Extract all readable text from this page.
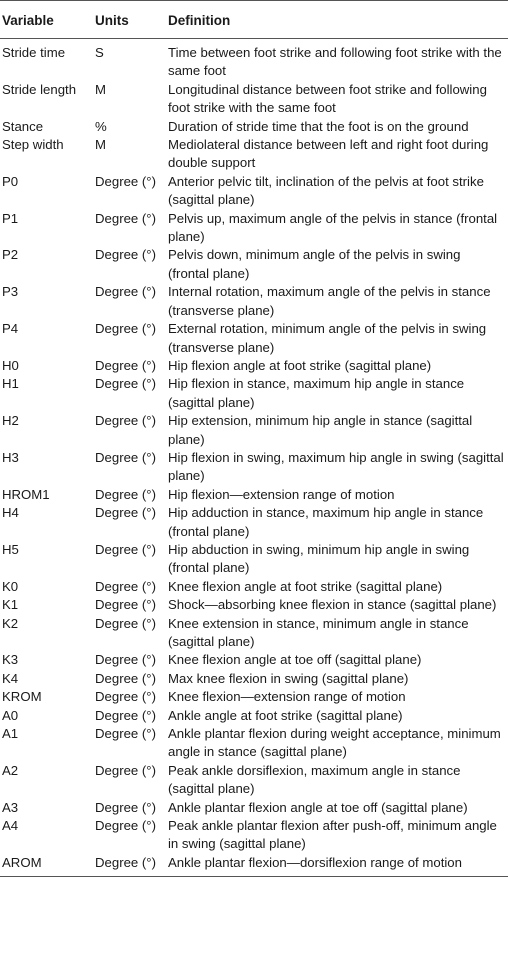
Variable	Units	Definition
Stride time	S	Time between foot strike and following foot strike with the same foot
Stride length	M	Longitudinal distance between foot strike and following foot strike with the same foot
Stance	%	Duration of stride time that the foot is on the ground
Step width	M	Mediolateral distance between left and right foot during double support
P0	Degree (°)	Anterior pelvic tilt, inclination of the pelvis at foot strike (sagittal plane)
P1	Degree (°)	Pelvis up, maximum angle of the pelvis in stance (frontal plane)
P2	Degree (°)	Pelvis down, minimum angle of the pelvis in swing (frontal plane)
P3	Degree (°)	Internal rotation, maximum angle of the pelvis in stance (transverse plane)
P4	Degree (°)	External rotation, minimum angle of the pelvis in swing (transverse plane)
H0	Degree (°)	Hip flexion angle at foot strike (sagittal plane)
H1	Degree (°)	Hip flexion in stance, maximum hip angle in stance (sagittal plane)
H2	Degree (°)	Hip extension, minimum hip angle in stance (sagittal plane)
H3	Degree (°)	Hip flexion in swing, maximum hip angle in swing (sagittal plane)
HROM1	Degree (°)	Hip flexion—extension range of motion
H4	Degree (°)	Hip adduction in stance, maximum hip angle in stance (frontal plane)
H5	Degree (°)	Hip abduction in swing, minimum hip angle in swing (frontal plane)
K0	Degree (°)	Knee flexion angle at foot strike (sagittal plane)
K1	Degree (°)	Shock—absorbing knee flexion in stance (sagittal plane)
K2	Degree (°)	Knee extension in stance, minimum angle in stance (sagittal plane)
K3	Degree (°)	Knee flexion angle at toe off (sagittal plane)
K4	Degree (°)	Max knee flexion in swing (sagittal plane)
KROM	Degree (°)	Knee flexion—extension range of motion
A0	Degree (°)	Ankle angle at foot strike (sagittal plane)
A1	Degree (°)	Ankle plantar flexion during weight acceptance, minimum angle in stance (sagittal plane)
A2	Degree (°)	Peak ankle dorsiflexion, maximum angle in stance (sagittal plane)
A3	Degree (°)	Ankle plantar flexion angle at toe off (sagittal plane)
A4	Degree (°)	Peak ankle plantar flexion after push-off, minimum angle in swing (sagittal plane)
AROM	Degree (°)	Ankle plantar flexion—dorsiflexion range of motion
